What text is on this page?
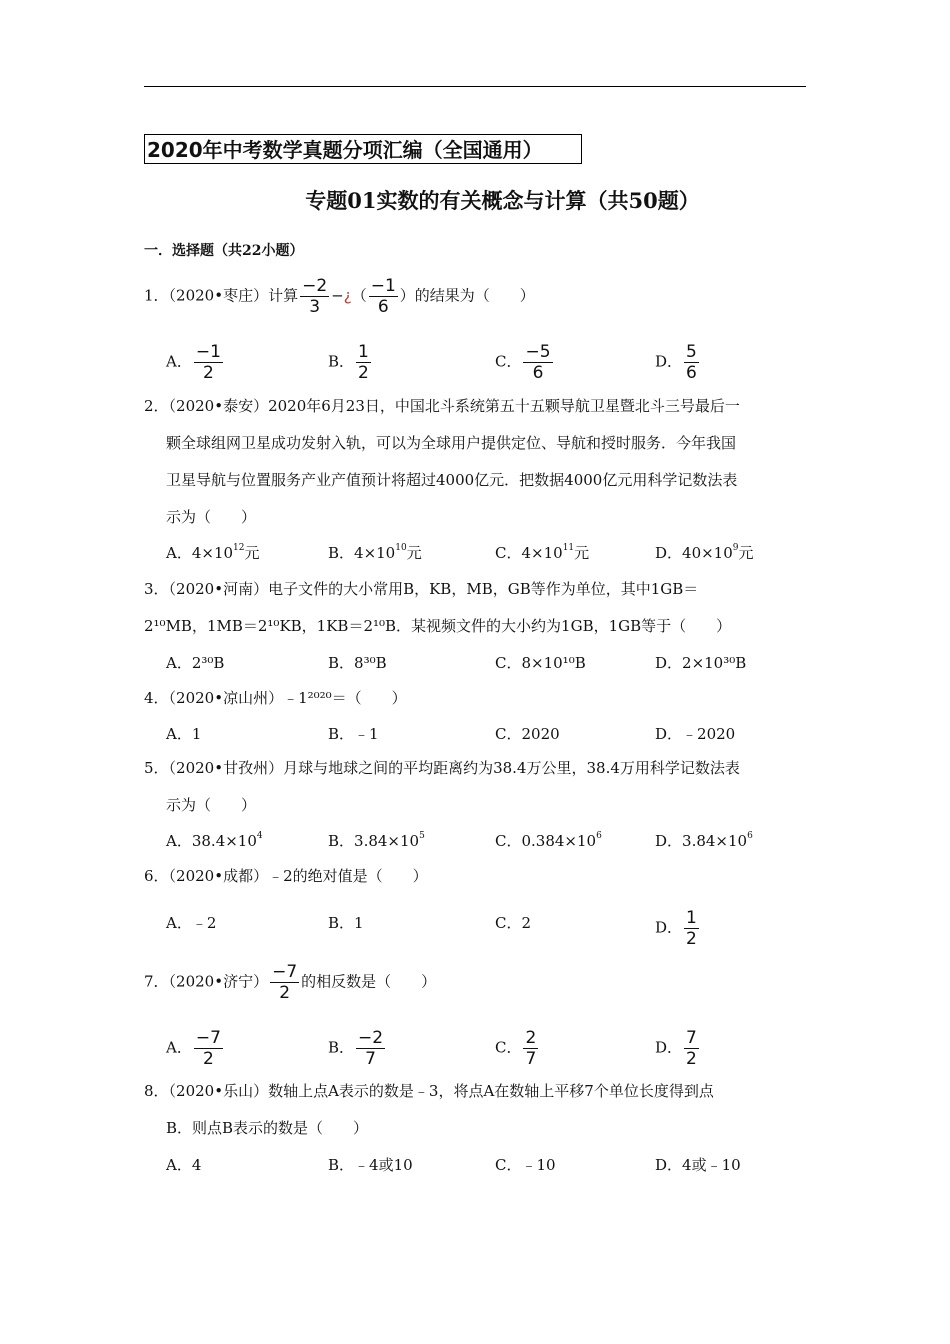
2020年中考数学真题分项汇编（全国通用）
专题01实数的有关概念与计算（共50题）
一．选择题（共22小题）
1．（2020•枣庄）计算 $\frac{-2}{3}$ −¿（ $\frac{-1}{6}$ ）的结果为（　　）
A． $\frac{-1}{2}$	B． $\frac{1}{2}$	C． $\frac{-5}{6}$	D． $\frac{5}{6}$
2．（2020•泰安）2020年6月23日，中国北斗系统第五十五颗导航卫星暨北斗三号最后一
颗全球组网卫星成功发射入轨，可以为全球用户提供定位、导航和授时服务．今年我国
卫星导航与位置服务产业产值预计将超过4000亿元．把数据4000亿元用科学记数法表
示为（　　）
A．$4\times 10^{12}$元	B．$4\times 10^{10}$元	C．$4\times 10^{11}$元	D．$40\times 10^9$元
3．（2020•河南）电子文件的大小常用B，KB，MB，GB等作为单位，其中1GB＝
2¹⁰MB，1MB＝2¹⁰KB，1KB＝2¹⁰B．某视频文件的大小约为1GB，1GB等于（　　）
A．2³⁰B	B．8³⁰B	C．8×10¹⁰B	D．2×10³⁰B
4．（2020•凉山州）﹣1²⁰²⁰＝（　　）
A．1	B．﹣1	C．2020	D．﹣2020
5．（2020•甘孜州）月球与地球之间的平均距离约为38.4万公里，38.4万用科学记数法表
示为（　　）
A．$38.4\times 10^4$	B．$3.84\times 10^5$	C．$0.384\times 10^6$	D．$3.84\times 10^6$
6．（2020•成都）﹣2的绝对值是（　　）
A．﹣2	B．1	C．2	D． $\frac{1}{2}$
7．（2020•济宁） $\frac{-7}{2}$ 的相反数是（　　）
A． $\frac{-7}{2}$	B． $\frac{-2}{7}$	C． $\frac{2}{7}$	D． $\frac{7}{2}$
8．（2020•乐山）数轴上点A表示的数是﹣3，将点A在数轴上平移7个单位长度得到点
B．则点B表示的数是（　　）
A．4	B．﹣4或10	C．﹣10	D．4或﹣10
